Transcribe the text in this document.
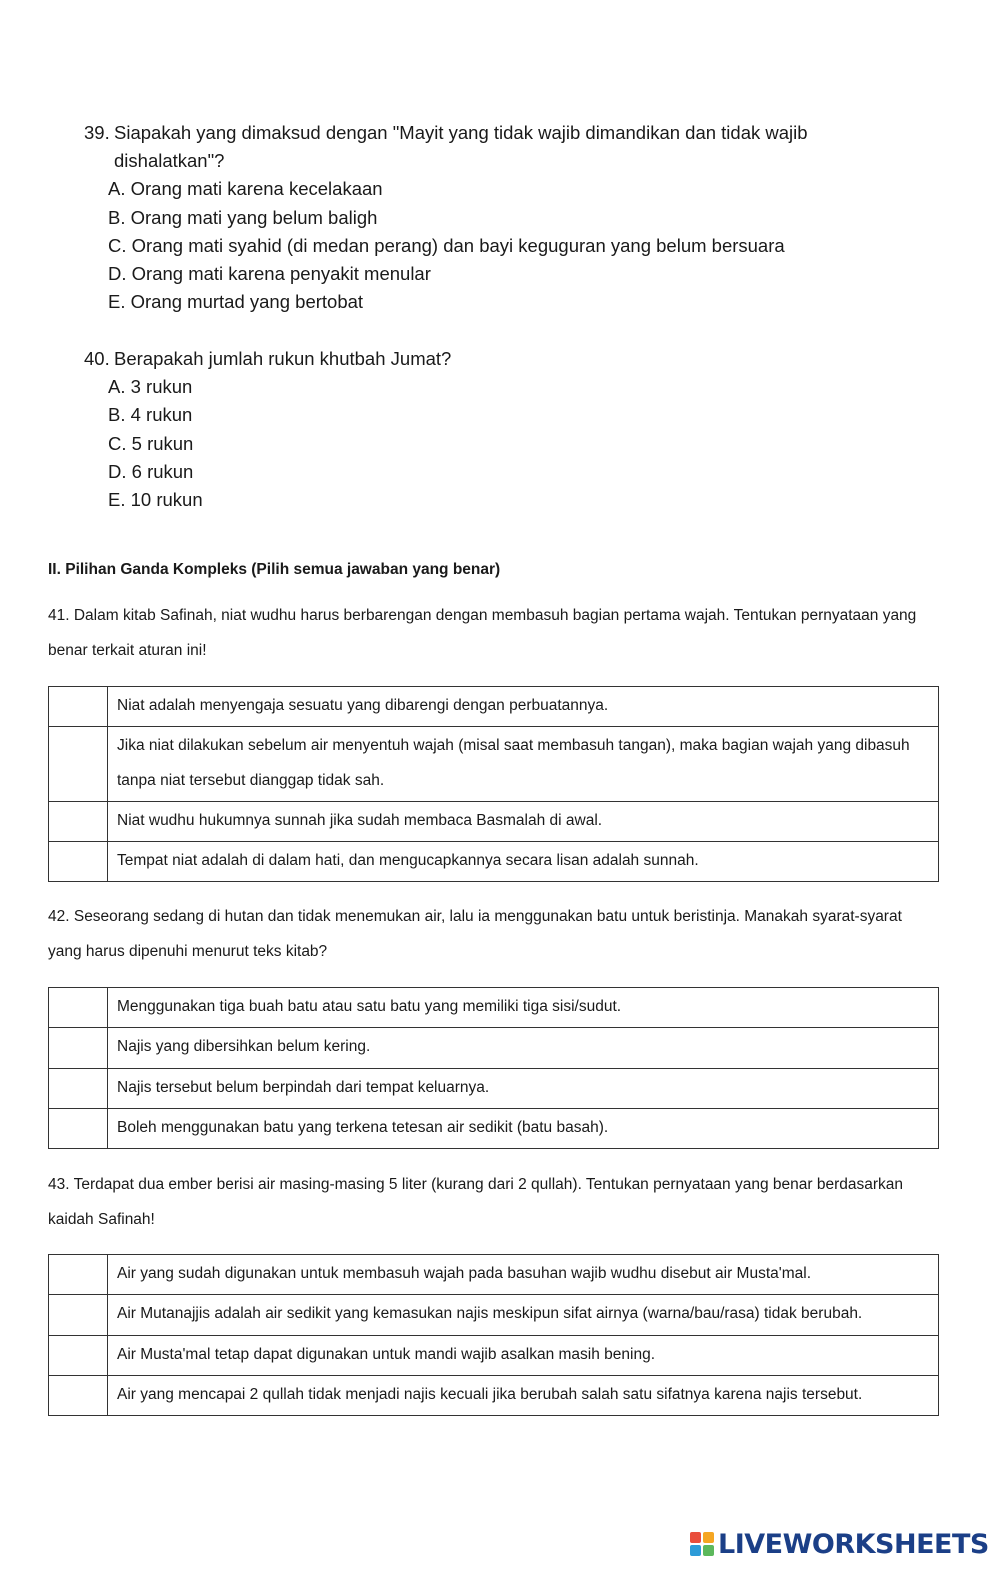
39. Siapakah yang dimaksud dengan "Mayit yang tidak wajib dimandikan dan tidak wajib dishalatkan"?
A. Orang mati karena kecelakaan
B. Orang mati yang belum baligh
C. Orang mati syahid (di medan perang) dan bayi keguguran yang belum bersuara
D. Orang mati karena penyakit menular
E. Orang murtad yang bertobat
40. Berapakah jumlah rukun khutbah Jumat?
A. 3 rukun
B. 4 rukun
C. 5 rukun
D. 6 rukun
E. 10 rukun
II. Pilihan Ganda Kompleks (Pilih semua jawaban yang benar)
41. Dalam kitab Safinah, niat wudhu harus berbarengan dengan membasuh bagian pertama wajah. Tentukan pernyataan yang benar terkait aturan ini!
	Niat adalah menyengaja sesuatu yang dibarengi dengan perbuatannya.
	Jika niat dilakukan sebelum air menyentuh wajah (misal saat membasuh tangan), maka bagian wajah yang dibasuh tanpa niat tersebut dianggap tidak sah.
	Niat wudhu hukumnya sunnah jika sudah membaca Basmalah di awal.
	Tempat niat adalah di dalam hati, dan mengucapkannya secara lisan adalah sunnah.
42. Seseorang sedang di hutan dan tidak menemukan air, lalu ia menggunakan batu untuk beristinja. Manakah syarat-syarat yang harus dipenuhi menurut teks kitab?
	Menggunakan tiga buah batu atau satu batu yang memiliki tiga sisi/sudut.
	Najis yang dibersihkan belum kering.
	Najis tersebut belum berpindah dari tempat keluarnya.
	Boleh menggunakan batu yang terkena tetesan air sedikit (batu basah).
43. Terdapat dua ember berisi air masing-masing 5 liter (kurang dari 2 qullah). Tentukan pernyataan yang benar berdasarkan kaidah Safinah!
	Air yang sudah digunakan untuk membasuh wajah pada basuhan wajib wudhu disebut air Musta'mal.
	Air Mutanajjis adalah air sedikit yang kemasukan najis meskipun sifat airnya (warna/bau/rasa) tidak berubah.
	Air Musta'mal tetap dapat digunakan untuk mandi wajib asalkan masih bening.
	Air yang mencapai 2 qullah tidak menjadi najis kecuali jika berubah salah satu sifatnya karena najis tersebut.
LIVEWORKSHEETS
